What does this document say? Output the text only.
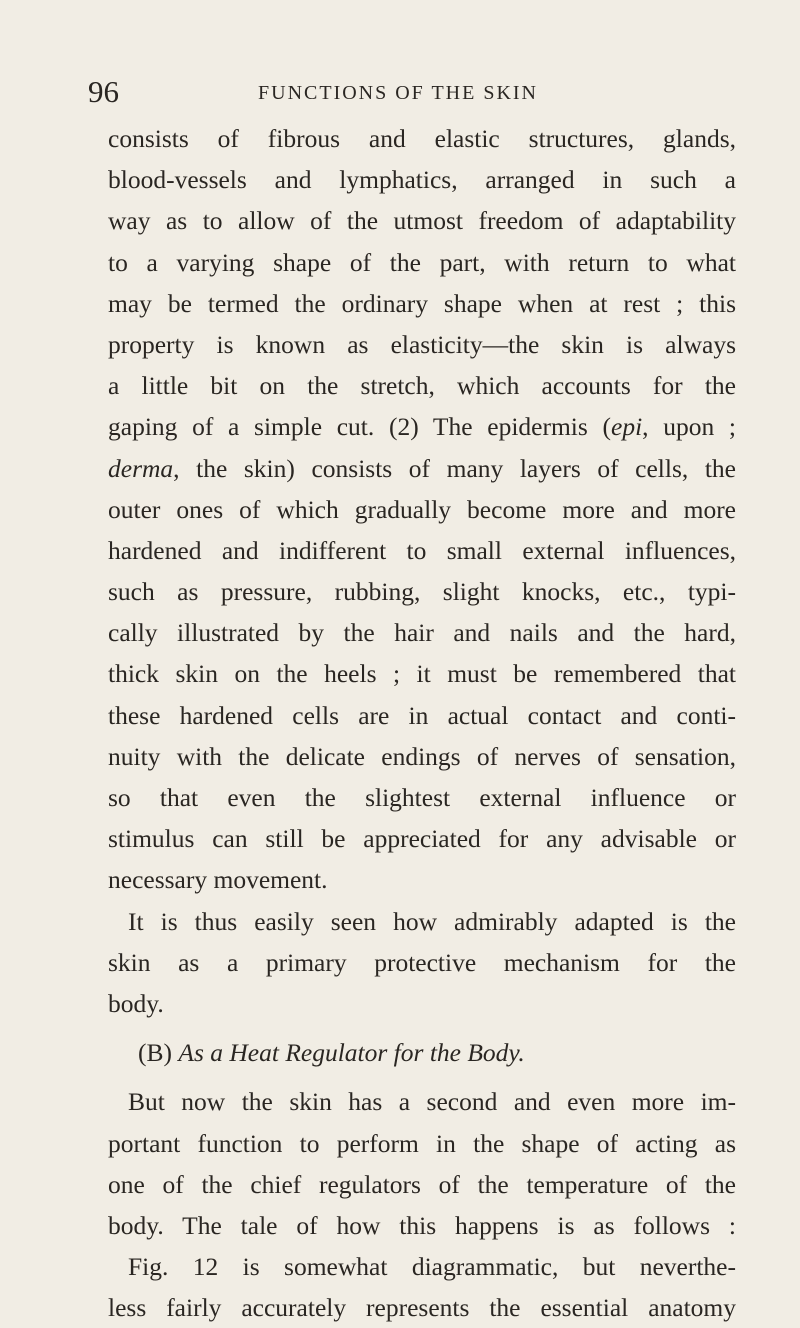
96	FUNCTIONS OF THE SKIN
consists of fibrous and elastic structures, glands,
blood-vessels and lymphatics, arranged in such a
way as to allow of the utmost freedom of adaptability
to a varying shape of the part, with return to what
may be termed the ordinary shape when at rest ; this
property is known as elasticity—the skin is always
a little bit on the stretch, which accounts for the
gaping of a simple cut. (2) The epidermis (epi, upon ;
derma, the skin) consists of many layers of cells, the
outer ones of which gradually become more and more
hardened and indifferent to small external influences,
such as pressure, rubbing, slight knocks, etc., typi-
cally illustrated by the hair and nails and the hard,
thick skin on the heels ; it must be remembered that
these hardened cells are in actual contact and conti-
nuity with the delicate endings of nerves of sensation,
so that even the slightest external influence or
stimulus can still be appreciated for any advisable or
necessary movement.
It is thus easily seen how admirably adapted is the
skin as a primary protective mechanism for the
body.
(B) As a Heat Regulator for the Body.
But now the skin has a second and even more im-
portant function to perform in the shape of acting as
one of the chief regulators of the temperature of the
body. The tale of how this happens is as follows :
Fig. 12 is somewhat diagrammatic, but neverthe-
less fairly accurately represents the essential anatomy
